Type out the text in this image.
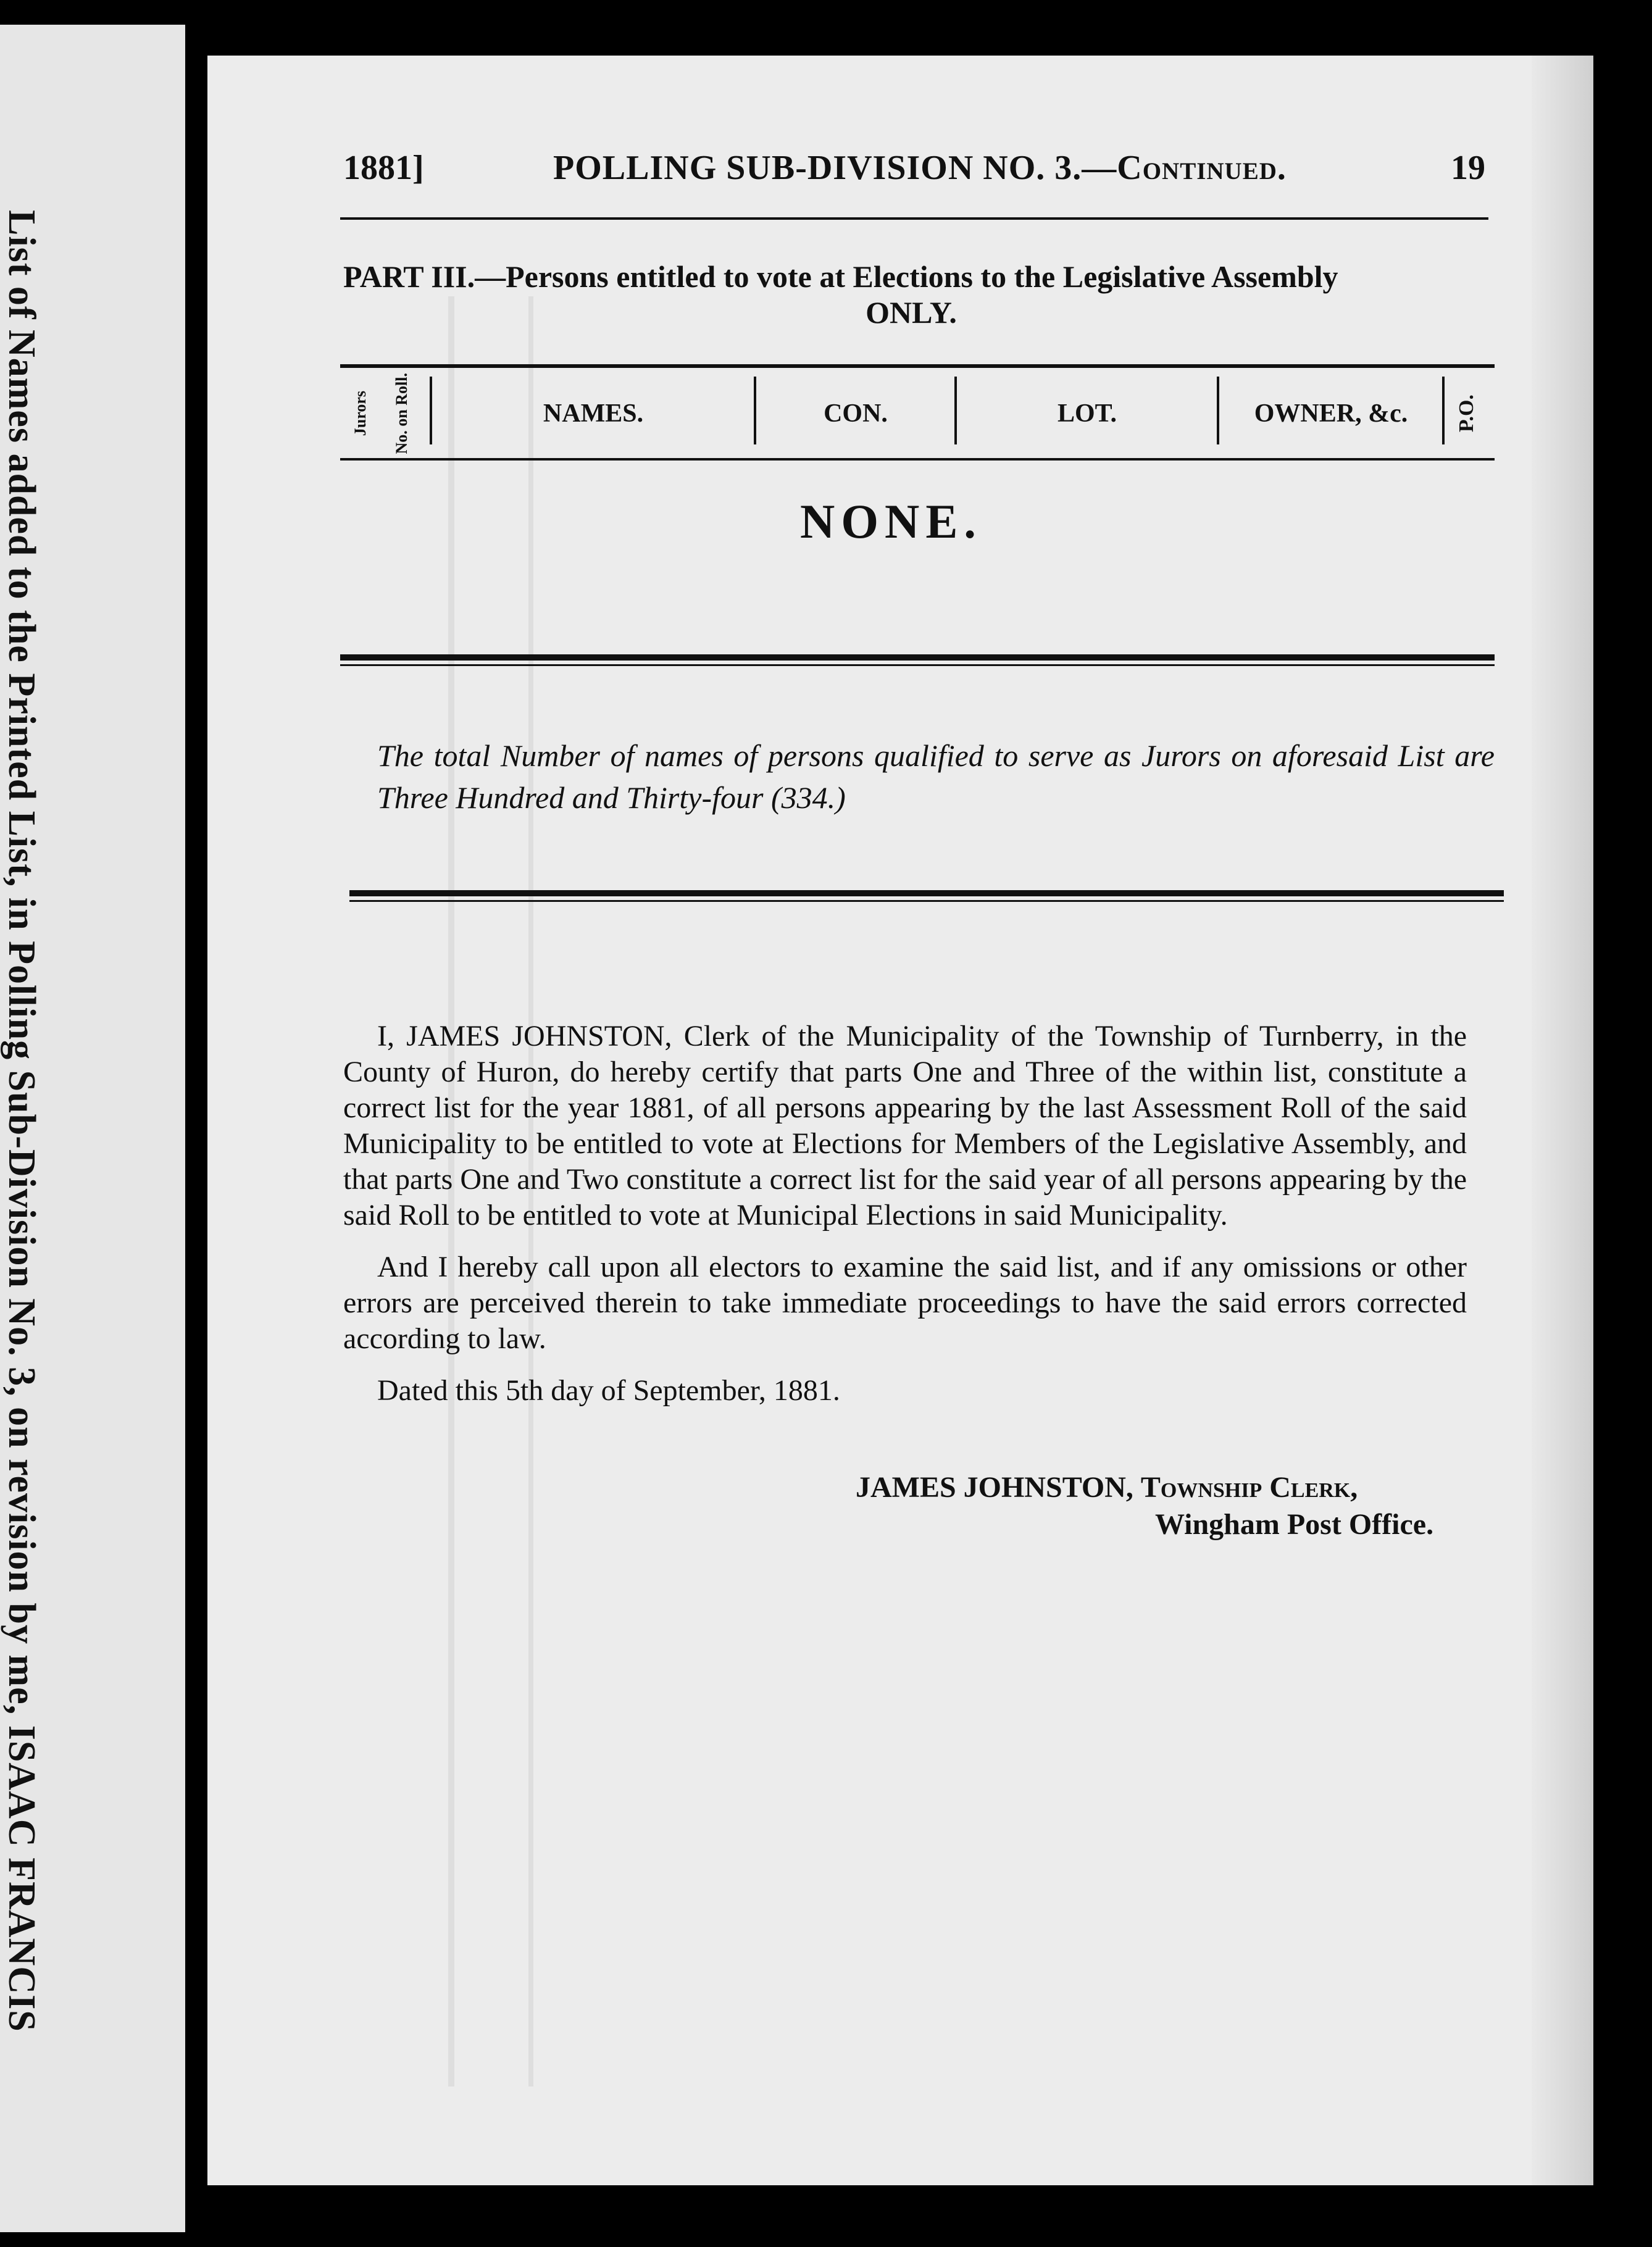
List of Names added to the Printed List, in Polling Sub-Division No. 3, on revision by me, ISAAC FRANCIS
1881]	POLLING SUB-DIVISION NO. 3.—Continued.	19
PART III.—Persons entitled to vote at Elections to the Legislative Assembly
ONLY.
Jurors No. on Roll.	NAMES.	CON.	LOT.	OWNER, &c.	P.O.
NONE.
The total Number of names of persons qualified to serve as Jurors on aforesaid List are Three Hundred and Thirty-four (334.)

I, JAMES JOHNSTON, Clerk of the Municipality of the Township of Turnberry, in the County of Huron, do hereby certify that parts One and Three of the within list, constitute a correct list for the year 1881, of all persons appearing by the last Assessment Roll of the said Municipality to be entitled to vote at Elections for Members of the Legislative Assembly, and that parts One and Two constitute a correct list for the said year of all persons appearing by the said Roll to be entitled to vote at Municipal Elections in said Municipality.

And I hereby call upon all electors to examine the said list, and if any omissions or other errors are perceived therein to take immediate proceedings to have the said errors corrected according to law.

Dated this 5th day of September, 1881.

JAMES JOHNSTON, Township Clerk,
Wingham Post Office.
